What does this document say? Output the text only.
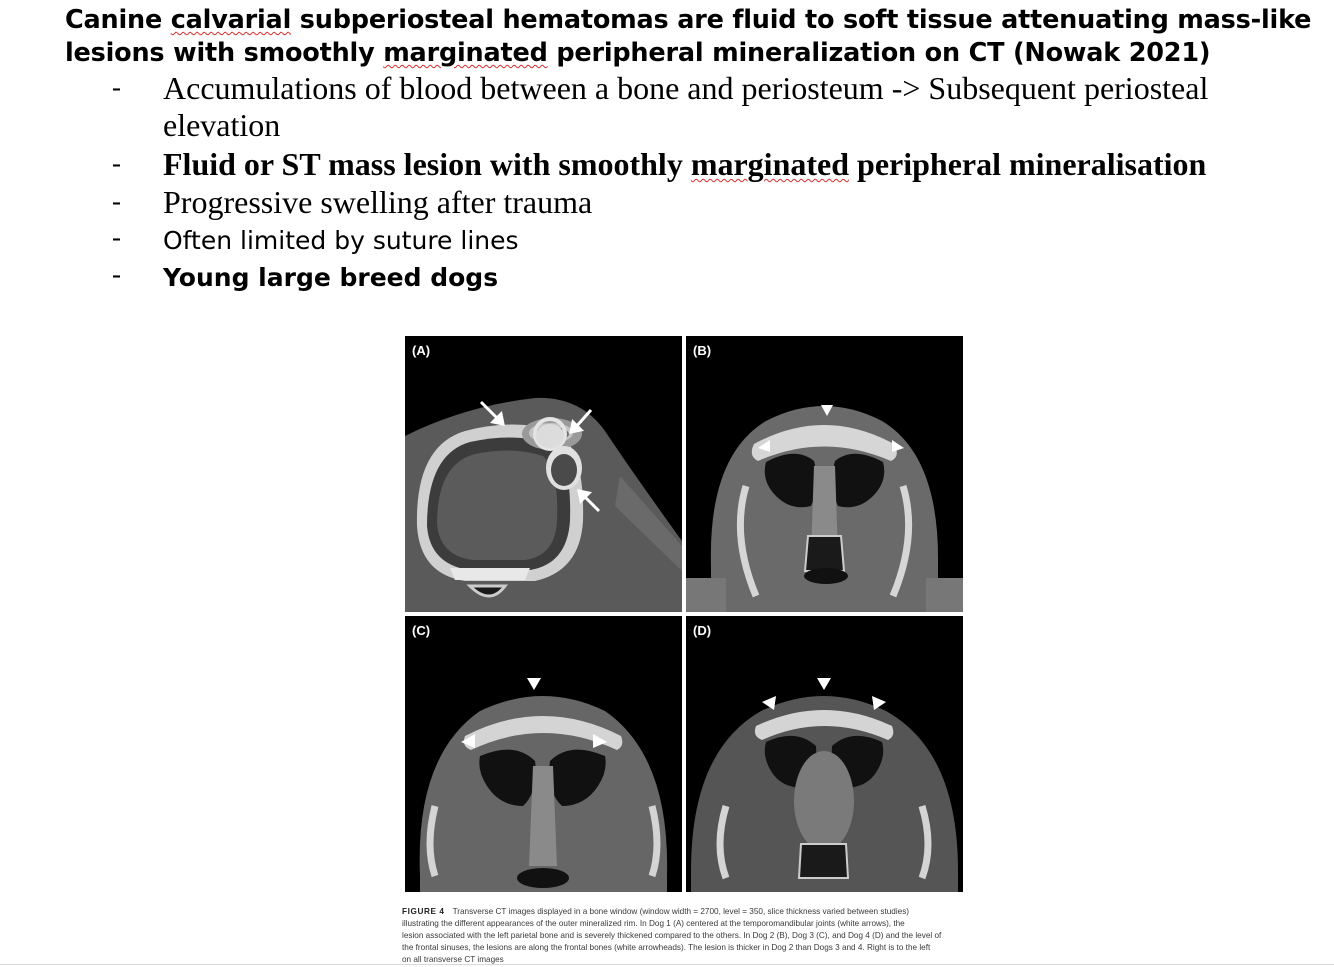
Canine calvarial subperiosteal hematomas are fluid to soft tissue attenuating mass-like
lesions with smoothly marginated peripheral mineralization on CT (Nowak 2021)
- Accumulations of blood between a bone and periosteum -> Subsequent periosteal
elevation
- Fluid or ST mass lesion with smoothly marginated peripheral mineralisation
- Progressive swelling after trauma
- Often limited by suture lines
- Young large breed dogs
(A)	(B)
(C)	(D)
FIGURE 4 Transverse CT images displayed in a bone window (window width = 2700, level = 350, slice thickness varied between studies)
illustrating the different appearances of the outer mineralized rim. In Dog 1 (A) centered at the temporomandibular joints (white arrows), the
lesion associated with the left parietal bone and is severely thickened compared to the others. In Dog 2 (B), Dog 3 (C), and Dog 4 (D) and the level of
the frontal sinuses, the lesions are along the frontal bones (white arrowheads). The lesion is thicker in Dog 2 than Dogs 3 and 4. Right is to the left
on all transverse CT images
